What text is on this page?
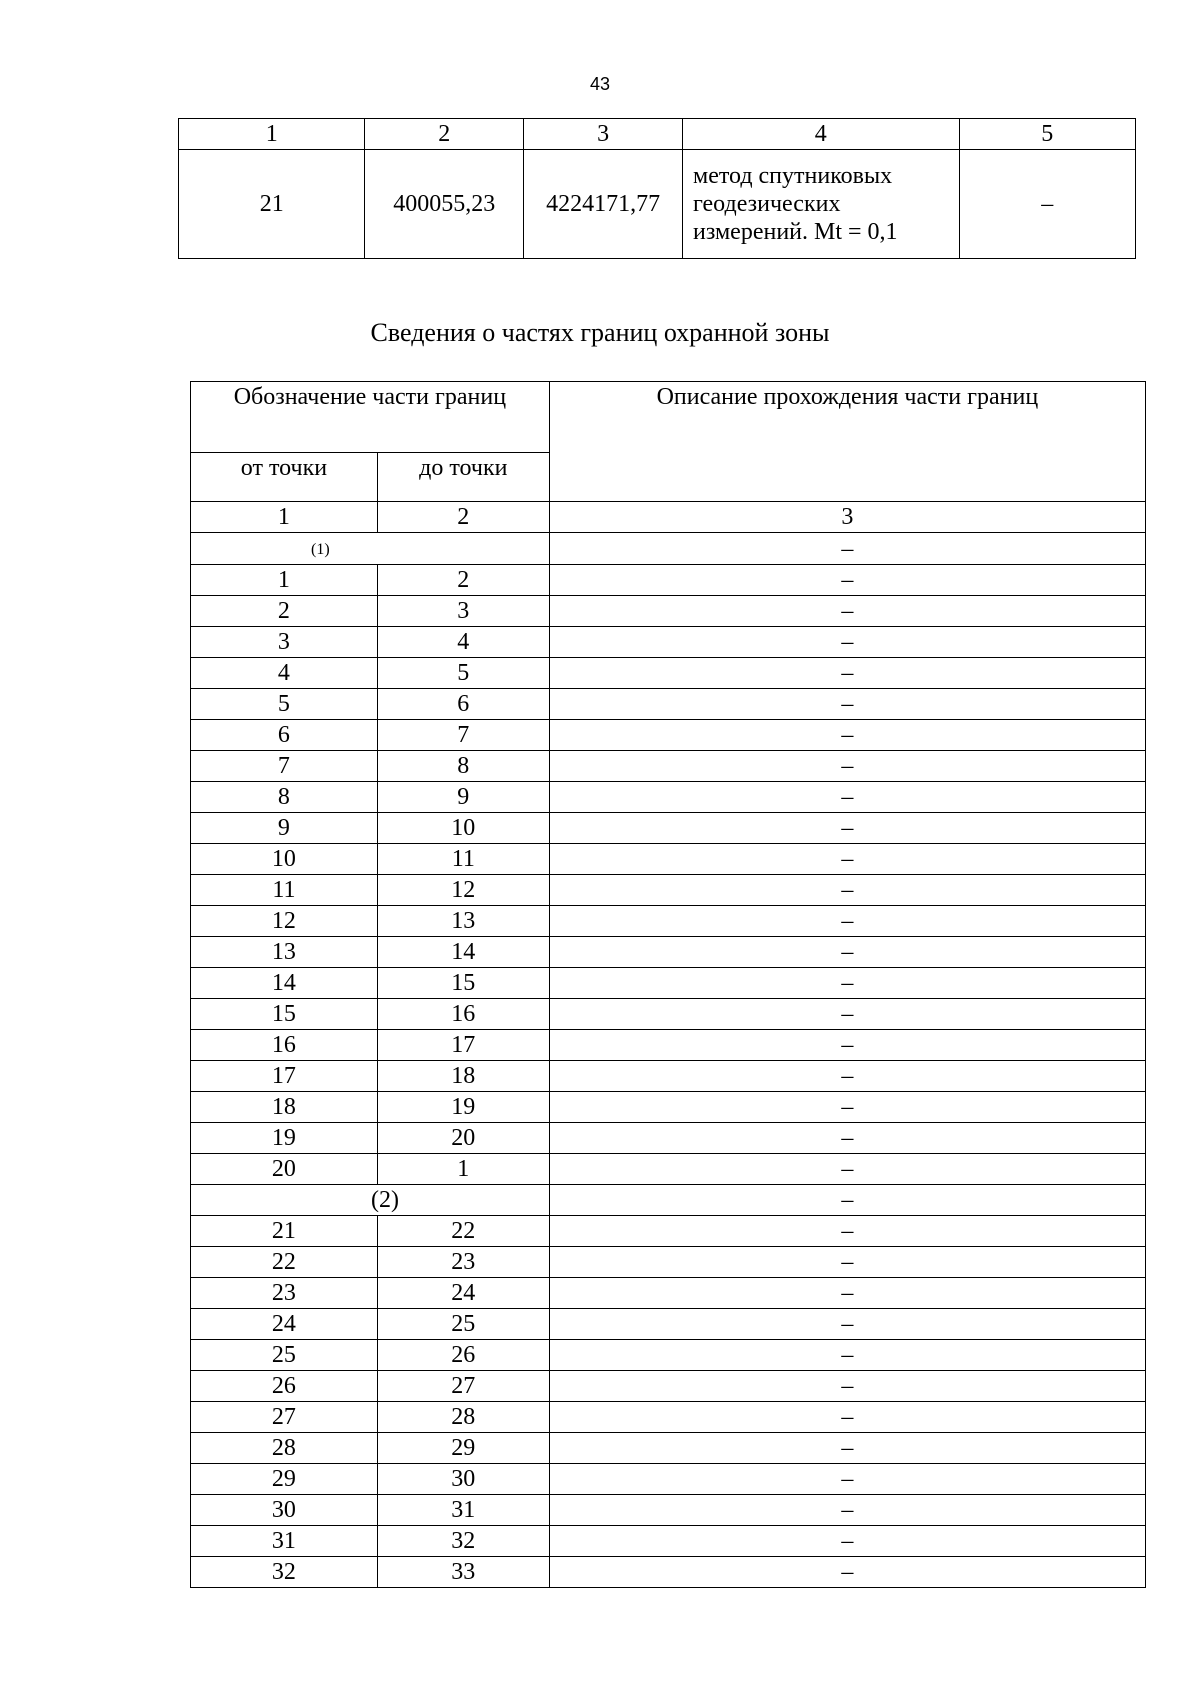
43
1	2	3	4	5
21	400055,23	4224171,77	метод спутниковых
геодезических
измерений. Mt = 0,1	–
Сведения о частях границ охранной зоны
Обозначение части границ		Описание прохождения части границ
от точки	до точки	
1	2	3
(1)		–
1	2	–
2	3	–
3	4	–
4	5	–
5	6	–
6	7	–
7	8	–
8	9	–
9	10	–
10	11	–
11	12	–
12	13	–
13	14	–
14	15	–
15	16	–
16	17	–
17	18	–
18	19	–
19	20	–
20	1	–
(2)		–
21	22	–
22	23	–
23	24	–
24	25	–
25	26	–
26	27	–
27	28	–
28	29	–
29	30	–
30	31	–
31	32	–
32	33	–
